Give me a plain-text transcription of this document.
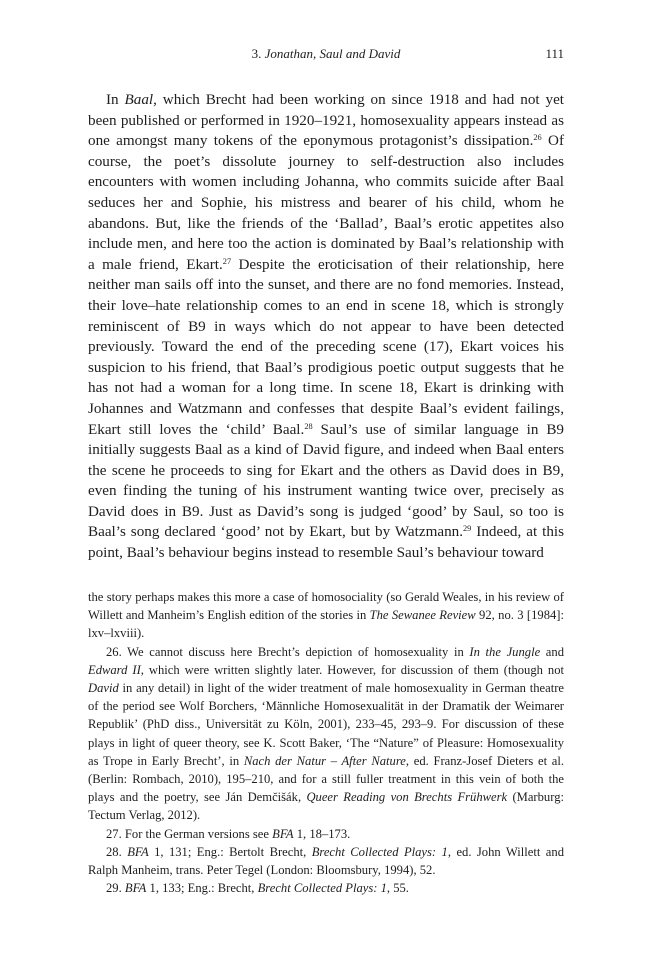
3. Jonathan, Saul and David	111

In Baal, which Brecht had been working on since 1918 and had not yet been published or performed in 1920–1921, homosexuality appears instead as one amongst many tokens of the eponymous protagonist’s dissipation.$^{26}$ Of course, the poet’s dissolute journey to self-destruction also includes encounters with women including Johanna, who commits suicide after Baal seduces her and Sophie, his mistress and bearer of his child, whom he abandons. But, like the friends of the ‘Ballad’, Baal’s erotic appetites also include men, and here too the action is dominated by Baal’s relationship with a male friend, Ekart.$^{27}$ Despite the eroticisation of their relationship, here neither man sails off into the sunset, and there are no fond memories. Instead, their love–hate relationship comes to an end in scene 18, which is strongly reminiscent of B9 in ways which do not appear to have been detected previously. Toward the end of the preceding scene (17), Ekart voices his suspicion to his friend, that Baal’s prodigious poetic output suggests that he has not had a woman for a long time. In scene 18, Ekart is drinking with Johannes and Watzmann and confesses that despite Baal’s evident failings, Ekart still loves the ‘child’ Baal.$^{28}$ Saul’s use of similar language in B9 initially suggests Baal as a kind of David figure, and indeed when Baal enters the scene he proceeds to sing for Ekart and the others as David does in B9, even finding the tuning of his instrument wanting twice over, precisely as David does in B9. Just as David’s song is judged ‘good’ by Saul, so too is Baal’s song declared ‘good’ not by Ekart, but by Watzmann.$^{29}$ Indeed, at this point, Baal’s behaviour begins instead to resemble Saul’s behaviour toward

the story perhaps makes this more a case of homosociality (so Gerald Weales, in his review of Willett and Manheim’s English edition of the stories in The Sewanee Review 92, no. 3 [1984]: lxv–lxviii).

26. We cannot discuss here Brecht’s depiction of homosexuality in In the Jungle and Edward II, which were written slightly later. However, for discussion of them (though not David in any detail) in light of the wider treatment of male homosexuality in German theatre of the period see Wolf Borchers, ‘Männliche Homosexualität in der Dramatik der Weimarer Republik’ (PhD diss., Universität zu Köln, 2001), 233–45, 293–9. For discussion of these plays in light of queer theory, see K. Scott Baker, ‘The “Nature” of Pleasure: Homosexuality as Trope in Early Brecht’, in Nach der Natur – After Nature, ed. Franz-Josef Dieters et al. (Berlin: Rombach, 2010), 195–210, and for a still fuller treatment in this vein of both the plays and the poetry, see Ján Demčišák, Queer Reading von Brechts Frühwerk (Marburg: Tectum Verlag, 2012).

27. For the German versions see BFA 1, 18–173.

28. BFA 1, 131; Eng.: Bertolt Brecht, Brecht Collected Plays: 1, ed. John Willett and Ralph Manheim, trans. Peter Tegel (London: Bloomsbury, 1994), 52.

29. BFA 1, 133; Eng.: Brecht, Brecht Collected Plays: 1, 55.
